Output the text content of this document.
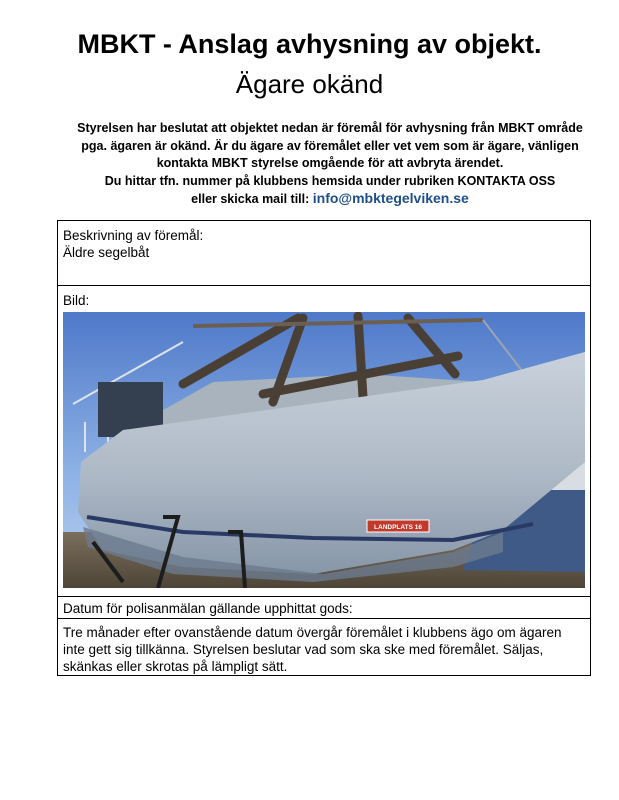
MBKT - Anslag avhysning av objekt.
Ägare okänd
Styrelsen har beslutat att objektet nedan är föremål för avhysning från MBKT område
pga. ägaren är okänd. Är du ägare av föremålet eller vet vem som är ägare, vänligen
kontakta MBKT styrelse omgående för att avbryta ärendet.
Du hittar tfn. nummer på klubbens hemsida under rubriken KONTAKTA OSS
eller skicka mail till: info@mbktegelviken.se
Beskrivning av föremål:
Äldre segelbåt
Bild:
LANDPLATS 16
Datum för polisanmälan gällande upphittat gods:
Tre månader efter ovanstående datum övergår föremålet i klubbens ägo om ägaren inte gett sig tillkänna. Styrelsen beslutar vad som ska ske med föremålet. Säljas, skänkas eller skrotas på lämpligt sätt.
